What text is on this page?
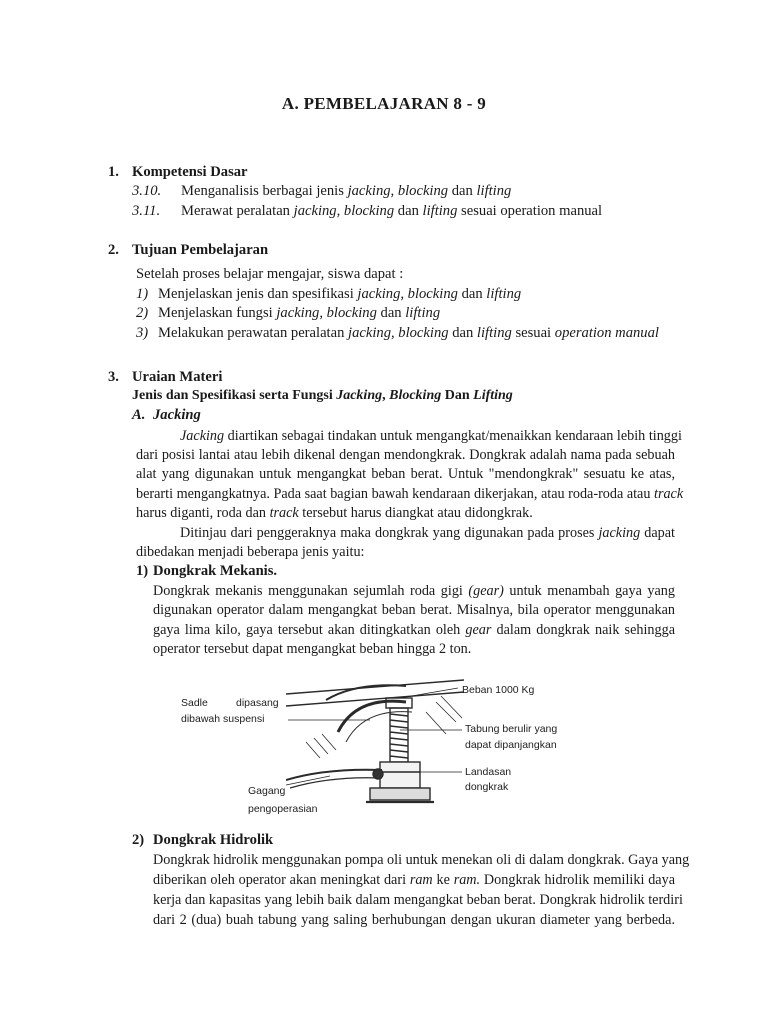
A. PEMBELAJARAN 8 - 9
1. Kompetensi Dasar
3.10. Menganalisis berbagai jenis jacking, blocking dan lifting
3.11. Merawat peralatan jacking, blocking dan lifting sesuai operation manual
2. Tujuan Pembelajaran
Setelah proses belajar mengajar, siswa dapat :
1) Menjelaskan jenis dan spesifikasi jacking, blocking dan lifting
2) Menjelaskan fungsi jacking, blocking dan lifting
3) Melakukan perawatan peralatan jacking, blocking dan lifting sesuai operation manual
3. Uraian Materi
Jenis dan Spesifikasi serta Fungsi Jacking, Blocking Dan Lifting
A. Jacking
Jacking diartikan sebagai tindakan untuk mengangkat/menaikkan kendaraan lebih tinggi
dari posisi lantai atau lebih dikenal dengan mendongkrak. Dongkrak adalah nama pada sebuah
alat yang digunakan untuk mengangkat beban berat. Untuk "mendongkrak" sesuatu ke atas,
berarti mengangkatnya. Pada saat bagian bawah kendaraan dikerjakan, atau roda-roda atau track
harus diganti, roda dan track tersebut harus diangkat atau didongkrak.
Ditinjau dari penggeraknya maka dongkrak yang digunakan pada proses jacking dapat
dibedakan menjadi beberapa jenis yaitu:
1) Dongkrak Mekanis.
Dongkrak mekanis menggunakan sejumlah roda gigi (gear) untuk menambah gaya yang
digunakan operator dalam mengangkat beban berat. Misalnya, bila operator menggunakan
gaya lima kilo, gaya tersebut akan ditingkatkan oleh gear dalam dongkrak naik sehingga
operator tersebut dapat mengangkat beban hingga 2 ton.
Sadle	dipasang
dibawah suspensi
Beban 1000 Kg
Tabung berulir yang
dapat dipanjangkan
Landasan
dongkrak
Gagang
pengoperasian
2) Dongkrak Hidrolik
Dongkrak hidrolik menggunakan pompa oli untuk menekan oli di dalam dongkrak. Gaya yang
diberikan oleh operator akan meningkat dari ram ke ram. Dongkrak hidrolik memiliki daya
kerja dan kapasitas yang lebih baik dalam mengangkat beban berat. Dongkrak hidrolik terdiri
dari 2 (dua) buah tabung yang saling berhubungan dengan ukuran diameter yang berbeda.
